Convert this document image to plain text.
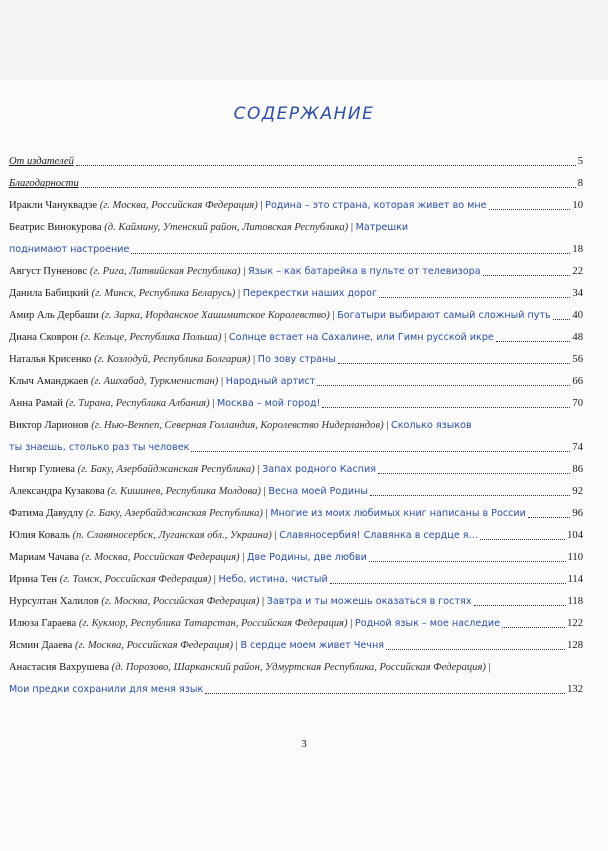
СОДЕРЖАНИЕ
От издателей	5
Благодарности	8
Иракли Чануквадзе (г. Москва, Российская Федерация) | Родина – это страна, которая живет во мне	10
Беатрис Винокурова (д. Каймину, Утенский район, Литовская Республика) | Матрешки
поднимают настроение	18
Август Пуненовс (г. Рига, Латвийская Республика) | Язык – как батарейка в пульте от телевизора	22
Данила Бабицкий (г. Минск, Республика Беларусь) | Перекрестки наших дорог	34
Амир Аль Дербаши (г. Зарка, Иорданское Хашимитское Королевство) | Богатыри выбирают самый сложный путь 40
Диана Сковрон (г. Кельце, Республика Польша) | Солнце встает на Сахалине, или Гимн русской икре	48
Наталья Крисенко (г. Козлодуй, Республика Болгария) | По зову страны	56
Клыч Аманджаев (г. Ашхабад, Туркменистан) | Народный артист	66
Анна Рамай (г. Тирана, Республика Албания) | Москва – мой город!	70
Виктор Ларионов (г. Нью-Венneп, Северная Голландия, Королевство Нидерландов) | Сколько языков
ты знаешь, столько раз ты человек	74
Нигяр Гулиева (г. Баку, Азербайджанская Республика) | Запах родного Каспия	86
Александра Кузакова (г. Кишинев, Республика Молдова) | Весна моей Родины	92
Фатима Давудлу (г. Баку, Азербайджанская Республика) | Многие из моих любимых книг написаны в России	96
Юлия Коваль (п. Славяносербск, Луганская обл., Украина) | Славяносербия! Славянка в сердце я…	104
Мариам Чачава (г. Москва, Российская Федерация) | Две Родины, две любви	110
Ирина Тен (г. Томск, Российская Федерация) | Небо, истина, чистый	114
Нурсултан Халилов (г. Москва, Российская Федерация) | Завтра и ты можешь оказаться в гостях	118
Илюза Гараева (г. Кукмор, Республика Татарстан, Российская Федерация) | Родной язык – мое наследие	122
Ясмин Даaева (г. Москва, Российская Федерация) | В сердце моем живет Чечня	128
Анастасия Вахрушева (д. Порозово, Шарканский район, Удмуртская Республика, Российская Федерация) |
Мои предки сохранили для меня язык	132
3
